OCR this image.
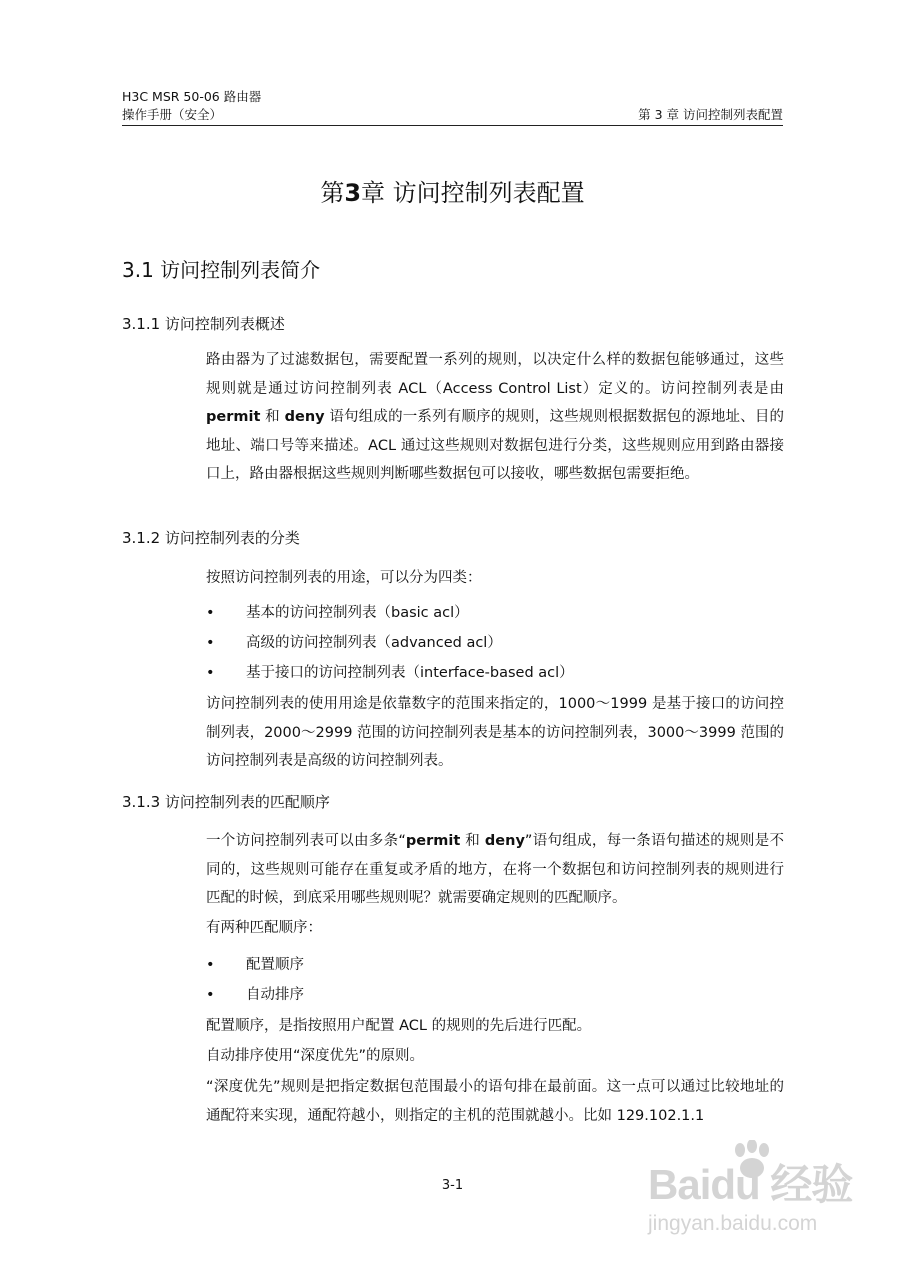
H3C MSR 50-06 路由器
操作手册（安全）	第 3 章 访问控制列表配置
第3章 访问控制列表配置
3.1 访问控制列表简介
3.1.1 访问控制列表概述

路由器为了过滤数据包，需要配置一系列的规则，以决定什么样的数据包能够通过，这些规则就是通过访问控制列表 ACL（Access Control List）定义的。访问控制列表是由 permit 和 deny 语句组成的一系列有顺序的规则，这些规则根据数据包的源地址、目的地址、端口号等来描述。ACL 通过这些规则对数据包进行分类，这些规则应用到路由器接口上，路由器根据这些规则判断哪些数据包可以接收，哪些数据包需要拒绝。

3.1.2 访问控制列表的分类

按照访问控制列表的用途，可以分为四类：

• 基本的访问控制列表（basic acl）
• 高级的访问控制列表（advanced acl）
• 基于接口的访问控制列表（interface-based acl）

访问控制列表的使用用途是依靠数字的范围来指定的，1000～1999 是基于接口的访问控制列表，2000～2999 范围的访问控制列表是基本的访问控制列表，3000～3999 范围的访问控制列表是高级的访问控制列表。

3.1.3 访问控制列表的匹配顺序

一个访问控制列表可以由多条“permit 和 deny”语句组成，每一条语句描述的规则是不同的，这些规则可能存在重复或矛盾的地方，在将一个数据包和访问控制列表的规则进行匹配的时候，到底采用哪些规则呢？就需要确定规则的匹配顺序。

有两种匹配顺序：

• 配置顺序
• 自动排序

配置顺序，是指按照用户配置 ACL 的规则的先后进行匹配。

自动排序使用“深度优先”的原则。

“深度优先”规则是把指定数据包范围最小的语句排在最前面。这一点可以通过比较地址的通配符来实现，通配符越小，则指定的主机的范围就越小。比如 129.102.1.1

3-1	Baidu 经验
jingyan.baidu.com
